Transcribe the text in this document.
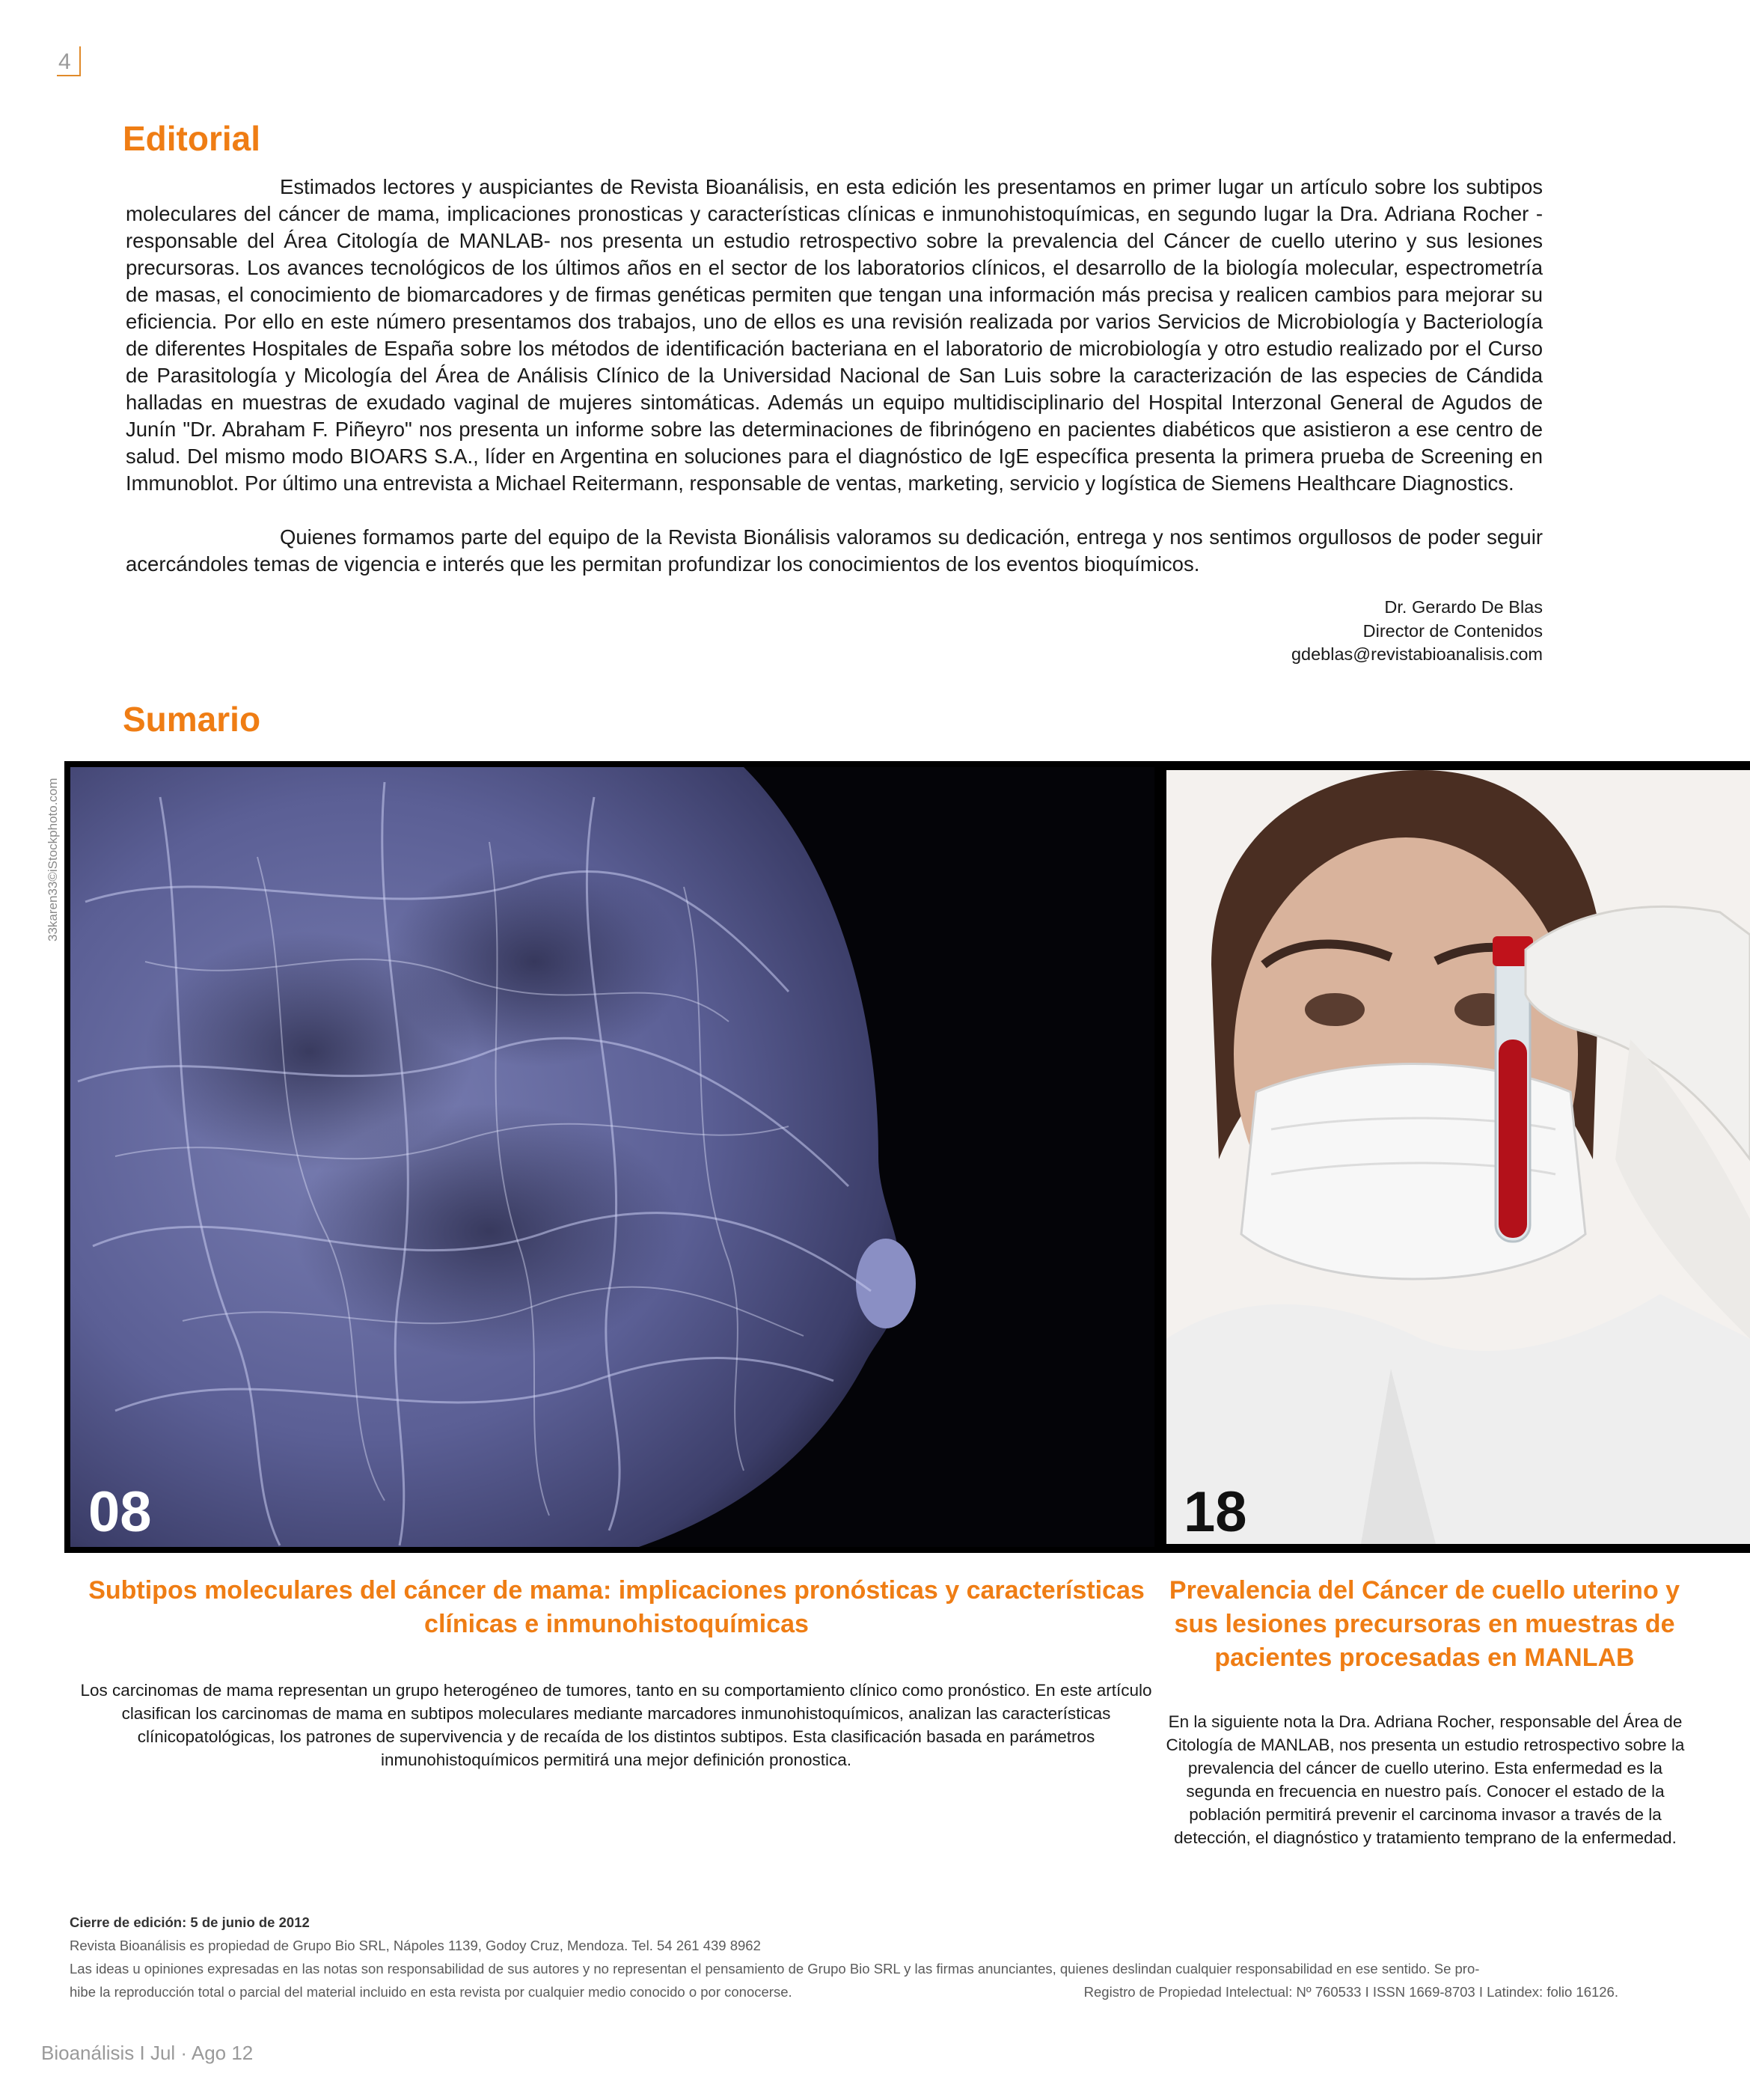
4
Editorial

Estimados lectores y auspiciantes de Revista Bioanálisis, en esta edición les presentamos en primer lugar un artículo sobre los subtipos moleculares del cáncer de mama, implicaciones pronosticas y características clínicas e inmunohistoquímicas, en segundo lugar la Dra. Adriana Rocher - responsable del Área Citología de MANLAB- nos presenta un estudio retrospectivo sobre la prevalencia del Cáncer de cuello uterino y sus lesiones precursoras. Los avances tecnológicos de los últimos años en el sector de los laboratorios clínicos, el desarrollo de la biología molecular, espectrometría de masas, el conocimiento de biomarcadores y de firmas genéticas permiten que tengan una información más precisa y realicen cambios para mejorar su eficiencia. Por ello en este número presentamos dos trabajos, uno de ellos es una revisión realizada por varios Servicios de Microbiología y Bacteriología de diferentes Hospitales de España sobre los métodos de identificación bacteriana en el laboratorio de microbiología y otro estudio realizado por el Curso de Parasitología y Micología del Área de Análisis Clínico de la Universidad Nacional de San Luis sobre la caracterización de las especies de Cándida halladas en muestras de exudado vaginal de mujeres sintomáticas. Además un equipo multidisciplinario del Hospital Interzonal General de Agudos de Junín "Dr. Abraham F. Piñeyro" nos presenta un informe sobre las determinaciones de fibrinógeno en pacientes diabéticos que asistieron a ese centro de salud. Del mismo modo BIOARS S.A., líder en Argentina en soluciones para el diagnóstico de IgE específica presenta la primera prueba de Screening en Immunoblot. Por último una entrevista a Michael Reitermann, responsable de ventas, marketing, servicio y logística de Siemens Healthcare Diagnostics.

Quienes formamos parte del equipo de la Revista Bionálisis valoramos su dedicación, entrega y nos sentimos orgullosos de poder seguir acercándoles temas de vigencia e interés que les permitan profundizar los conocimientos de los eventos bioquímicos.

Dr. Gerardo De Blas
Director de Contenidos
gdeblas@revistabioanalisis.com
Sumario
33karen33©iStockphoto.com
08	18
Subtipos moleculares del cáncer de mama: implicaciones pronósticas y características clínicas e inmunohistoquímicas
Los carcinomas de mama representan un grupo heterogéneo de tumores, tanto en su comportamiento clínico como pronóstico. En este artículo clasifican los carcinomas de mama en subtipos moleculares mediante marcadores inmunohistoquímicos, analizan las características clínicopatológicas, los patrones de supervivencia y de recaída de los distintos subtipos. Esta clasificación basada en parámetros inmunohistoquímicos permitirá una mejor definición pronostica.
Prevalencia del Cáncer de cuello uterino y sus lesiones precursoras en muestras de pacientes procesadas en MANLAB
En la siguiente nota la Dra. Adriana Rocher, responsable del Área de Citología de MANLAB, nos presenta un estudio retrospectivo sobre la prevalencia del cáncer de cuello uterino. Esta enfermedad es la segunda en frecuencia en nuestro país. Conocer el estado de la población permitirá prevenir el carcinoma invasor a través de la detección, el diagnóstico y tratamiento temprano de la enfermedad.
Cierre de edición: 5 de junio de 2012
Revista Bioanálisis es propiedad de Grupo Bio SRL, Nápoles 1139, Godoy Cruz, Mendoza. Tel. 54 261 439 8962
Las ideas u opiniones expresadas en las notas son responsabilidad de sus autores y no representan el pensamiento de Grupo Bio SRL y las firmas anunciantes, quienes deslindan cualquier responsabilidad en ese sentido. Se pro-
hibe la reproducción total o parcial del material incluido en esta revista por cualquier medio conocido o por conocerse.	Registro de Propiedad Intelectual: Nº 760533 I ISSN 1669-8703 I Latindex: folio 16126.
Bioanálisis I Jul · Ago 12
